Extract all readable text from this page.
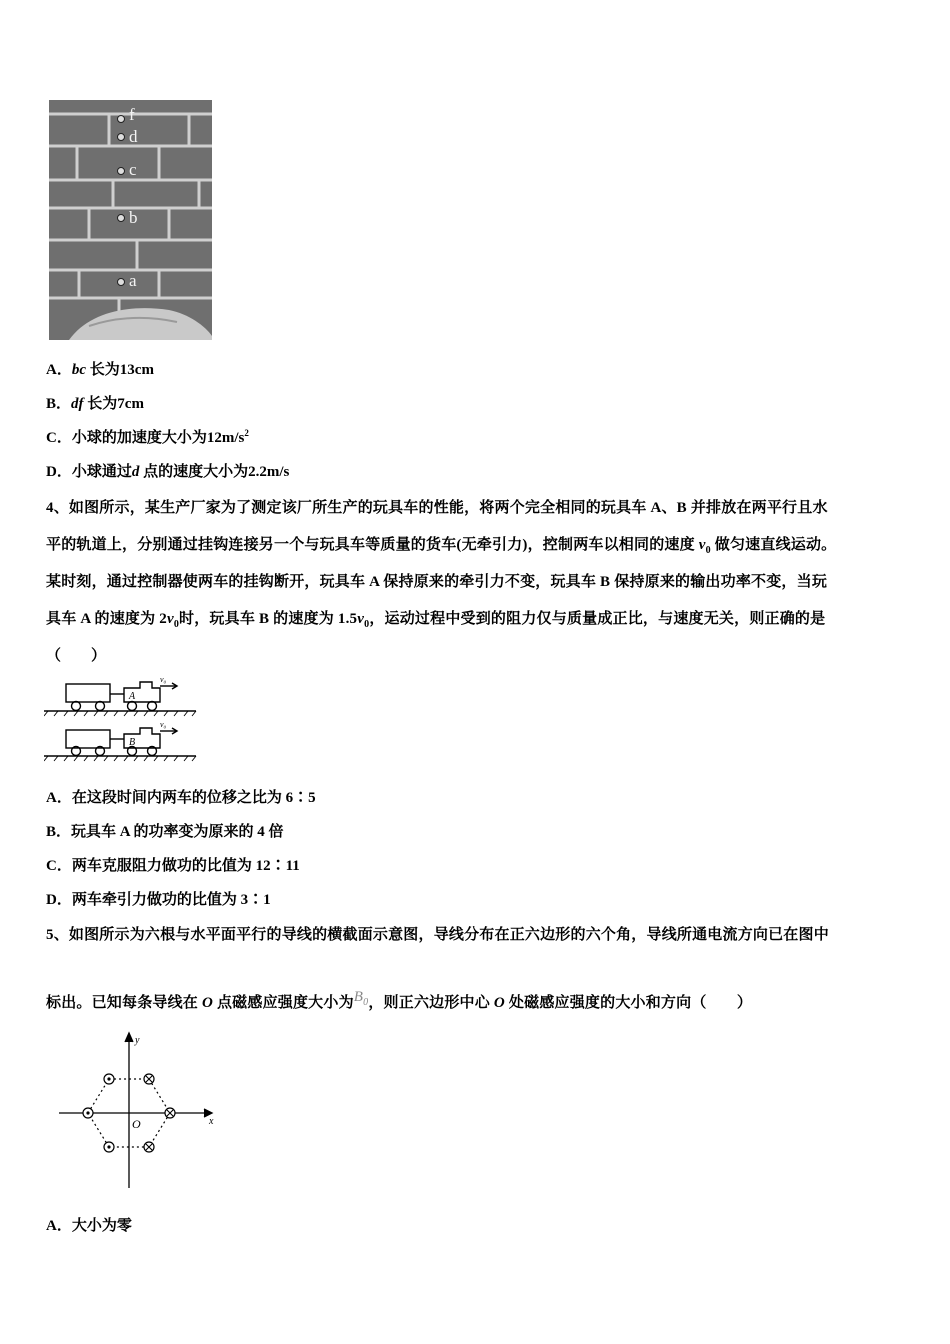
f
d
c
b
a
A．bc 长为13cm
B．df 长为7cm
C．小球的加速度大小为$12m/s^2$
D．小球通过d 点的速度大小为2.2m/s
4、如图所示，某生产厂家为了测定该厂所生产的玩具车的性能，将两个完全相同的玩具车 A、B 并排放在两平行且水
平的轨道上，分别通过挂钩连接另一个与玩具车等质量的货车(无牵引力)，控制两车以相同的速度 $v_0$ 做匀速直线运动。
某时刻，通过控制器使两车的挂钩断开，玩具车 A 保持原来的牵引力不变，玩具车 B 保持原来的输出功率不变，当玩
具车 A 的速度为 $2v_0$时，玩具车 B 的速度为 $1.5v_0$，运动过程中受到的阻力仅与质量成正比，与速度无关，则正确的是
（　　）
A
B
v₀
v₀
A．在这段时间内两车的位移之比为 6∶5
B．玩具车 A 的功率变为原来的 4 倍
C．两车克服阻力做功的比值为 12∶11
D．两车牵引力做功的比值为 3∶1
5、如图所示为六根与水平面平行的导线的横截面示意图，导线分布在正六边形的六个角，导线所通电流方向已在图中
标出。已知每条导线在 O 点磁感应强度大小为$B_0$，则正六边形中心 O 处磁感应强度的大小和方向（　　）
y
x
O
A．大小为零
